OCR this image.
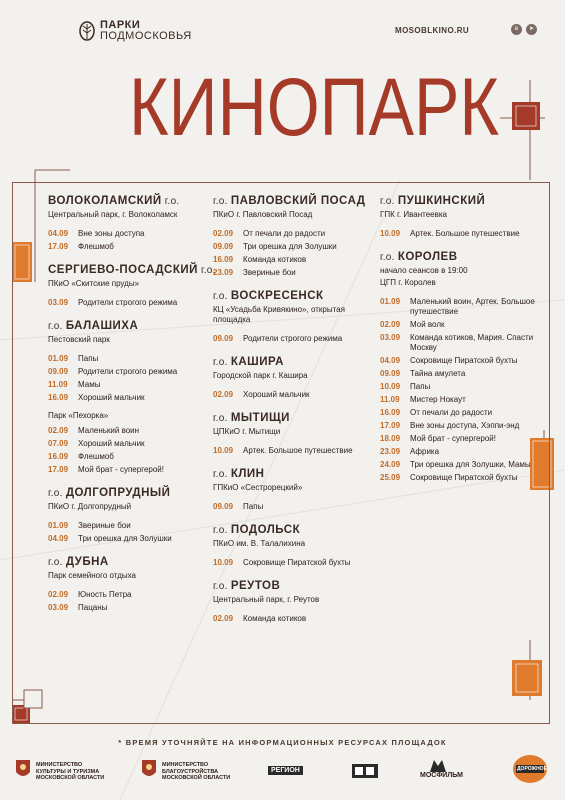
ПАРКИ
ПОДМОСКОВЬЯ	MOSOBLKINO.RU	в	➤
КИНОПАРК
ВОЛОКОЛАМСКИЙ г.о.
Центральный парк, г. Волоколамск
04.09	Вне зоны доступа
17.09	Флешмоб
СЕРГИЕВО-ПОСАДСКИЙ г.о.
ПКиО «Скитские пруды»
03.09	Родители строгого режима
г.о. БАЛАШИХА
Пестовский парк
01.09	Папы
09.09	Родители строгого режима
11.09	Мамы
16.09	Хороший мальчик
Парк «Пехорка»
02.09	Маленький воин
07.09	Хороший мальчик
16.09	Флешмоб
17.09	Мой брат - супергерой!
г.о. ДОЛГОПРУДНЫЙ
ПКиО г. Долгопрудный
01.09	Звериные бои
04.09	Три орешка для Золушки
г.о. ДУБНА
Парк семейного отдыха
02.09	Юность Петра
03.09	Пацаны
г.о. ПАВЛОВСКИЙ ПОСАД
ПКиО г. Павловский Посад
02.09	От печали до радости
09.09	Три орешка для Золушки
16.09	Команда котиков
23.09	Звериные бои
г.о. ВОСКРЕСЕНСК
КЦ «Усадьба Кривякино», открытая площадка
09.09	Родители строгого режима
г.о. КАШИРА
Городской парк г. Кашира
02.09	Хороший мальчик
г.о. МЫТИЩИ
ЦПКиО г. Мытищи
10.09	Артек. Большое путешествие
г.о. КЛИН
ГПКиО «Сестрорецкий»
09.09	Папы
г.о. ПОДОЛЬСК
ПКиО им. В. Талалихина
10.09	Сокровище Пиратской бухты
г.о. РЕУТОВ
Центральный парк, г. Реутов
02.09	Команда котиков
г.о. ПУШКИНСКИЙ
ГПК г. Ивантеевка
10.09	Артек. Большое путешествие
г.о. КОРОЛЕВ
начало сеансов в 19:00
ЦГП г. Королев
01.09	Маленький воин, Артек. Большое путешествие
02.09	Мой волк
03.09	Команда котиков, Мария. Спасти Москву
04.09	Сокровище Пиратской бухты
09.09	Тайна амулета
10.09	Папы
11.09	Мистер Нокаут
16.09	От печали до радости
17.09	Вне зоны доступа, Хэппи-энд
18.09	Мой брат - супергерой!
23.09	Африка
24.09	Три орешка для Золушки, Мамы
25.09	Сокровище Пиратской бухты
* ВРЕМЯ УТОЧНЯЙТЕ НА ИНФОРМАЦИОННЫХ РЕСУРСАХ ПЛОЩАДОК
МИНИСТЕРСТВО КУЛЬТУРЫ И ТУРИЗМА МОСКОВСКОЙ ОБЛАСТИ
МИНИСТЕРСТВО БЛАГОУСТРОЙСТВА МОСКОВСКОЙ ОБЛАСТИ
РЕГИОН
МОСФИЛЬМ
ДОРОЖНОЕ
